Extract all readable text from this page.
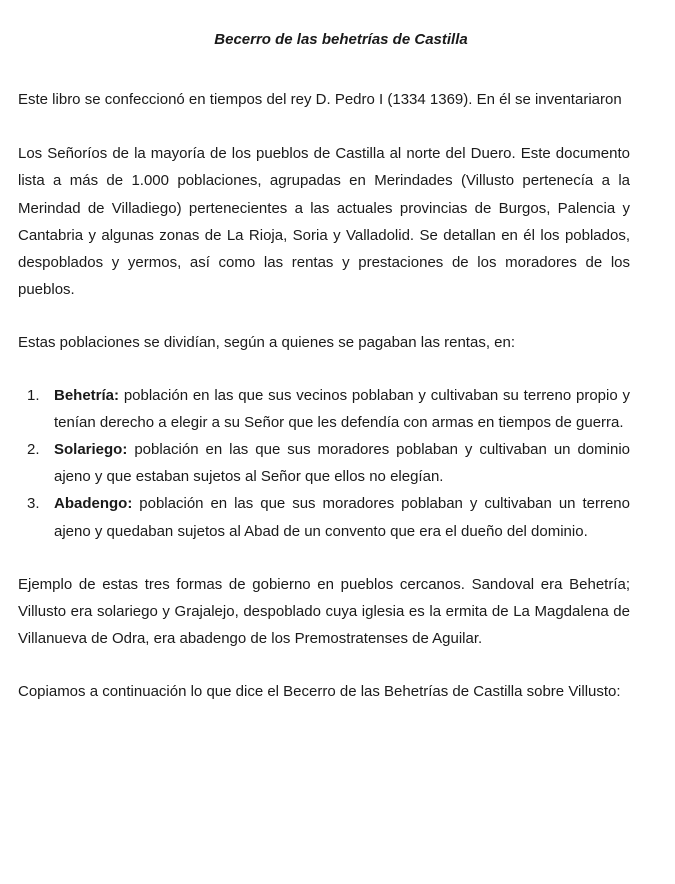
Becerro de las behetrías de Castilla

Este libro se confeccionó en tiempos del rey D. Pedro I (1334 1369). En él se inventariaron

Los Señoríos de la mayoría de los pueblos de Castilla al norte del Duero. Este documento lista a más de 1.000 poblaciones, agrupadas en Merindades (Villusto pertenecía a la Merindad de Villadiego) pertenecientes a las actuales provincias de Burgos, Palencia y Cantabria y algunas zonas de La Rioja, Soria y Valladolid. Se detallan en él los poblados, despoblados y yermos, así como las rentas y prestaciones de los moradores de los pueblos.

Estas poblaciones se dividían, según a quienes se pagaban las rentas, en:

1. Behetría: población en las que sus vecinos poblaban y cultivaban su terreno propio y tenían derecho a elegir a su Señor que les defendía con armas en tiempos de guerra.
2. Solariego: población en las que sus moradores poblaban y cultivaban un dominio ajeno y que estaban sujetos al Señor que ellos no elegían.
3. Abadengo: población en las que sus moradores poblaban y cultivaban un terreno ajeno y quedaban sujetos al Abad de un convento que era el dueño del dominio.

Ejemplo de estas tres formas de gobierno en pueblos cercanos. Sandoval era Behetría; Villusto era solariego y Grajalejo, despoblado cuya iglesia es la ermita de La Magdalena de Villanueva de Odra, era abadengo de los Premostratenses de Aguilar.

Copiamos a continuación lo que dice el Becerro de las Behetrías de Castilla sobre Villusto:
